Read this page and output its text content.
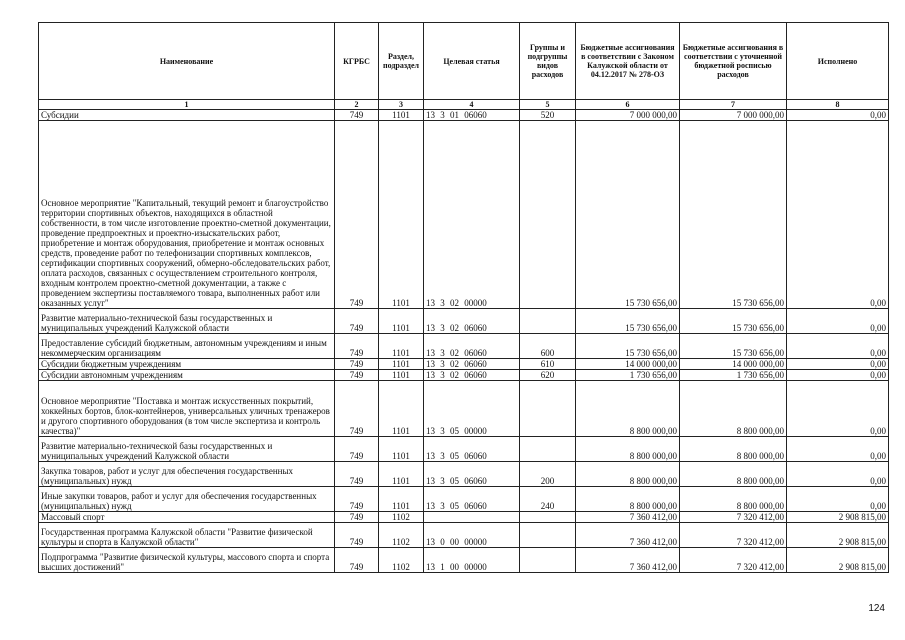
Наименование	КГРБС	Раздел, подраздел	Целевая статья	Группы и подгруппы видов расходов	Бюджетные ассигнования в соответствии с Законом Калужской области от 04.12.2017 № 278-ОЗ	Бюджетные ассигнования в соответствии с уточненной бюджетной росписью расходов	Исполнено
1	2	3	4	5	6	7	8
Субсидии	749	1101	13 3 01 06060	520	7 000 000,00	7 000 000,00	0,00
Основное мероприятие "Капитальный, текущий ремонт и благоустройство территории спортивных объектов, находящихся в областной собственности, в том числе изготовление проектно-сметной документации, проведение предпроектных и проектно-изыскательских работ, приобретение и монтаж оборудования, приобретение и монтаж основных средств, проведение работ по телефонизации спортивных комплексов, сертификации спортивных сооружений, обмерно-обследовательских работ, оплата расходов, связанных с осуществлением строительного контроля, входным контролем проектно-сметной документации, а также с проведением экспертизы поставляемого товара, выполненных работ или оказанных услуг"	749	1101	13 3 02 00000		15 730 656,00	15 730 656,00	0,00
Развитие материально-технической базы государственных и муниципальных учреждений Калужской области	749	1101	13 3 02 06060		15 730 656,00	15 730 656,00	0,00
Предоставление субсидий бюджетным, автономным учреждениям и иным некоммерческим организациям	749	1101	13 3 02 06060	600	15 730 656,00	15 730 656,00	0,00
Субсидии бюджетным учреждениям	749	1101	13 3 02 06060	610	14 000 000,00	14 000 000,00	0,00
Субсидии автономным учреждениям	749	1101	13 3 02 06060	620	1 730 656,00	1 730 656,00	0,00
Основное мероприятие "Поставка и монтаж искусственных покрытий, хоккейных бортов, блок-контейнеров, универсальных уличных тренажеров и другого спортивного оборудования (в том числе экспертиза и контроль качества)"	749	1101	13 3 05 00000		8 800 000,00	8 800 000,00	0,00
Развитие материально-технической базы государственных и муниципальных учреждений Калужской области	749	1101	13 3 05 06060		8 800 000,00	8 800 000,00	0,00
Закупка товаров, работ и услуг для обеспечения государственных (муниципальных) нужд	749	1101	13 3 05 06060	200	8 800 000,00	8 800 000,00	0,00
Иные закупки товаров, работ и услуг для обеспечения государственных (муниципальных) нужд	749	1101	13 3 05 06060	240	8 800 000,00	8 800 000,00	0,00
Массовый спорт	749	1102			7 360 412,00	7 320 412,00	2 908 815,00
Государственная программа Калужской области "Развитие физической культуры и спорта в Калужской области"	749	1102	13 0 00 00000		7 360 412,00	7 320 412,00	2 908 815,00
Подпрограмма "Развитие физической культуры, массового спорта и спорта высших достижений"	749	1102	13 1 00 00000		7 360 412,00	7 320 412,00	2 908 815,00
124
